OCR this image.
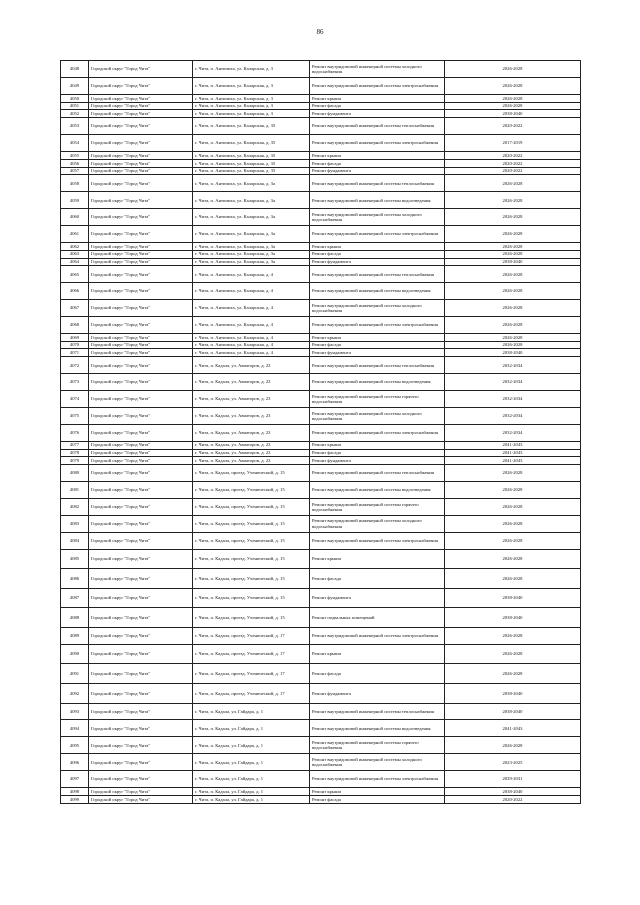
86
4048	Городской округ "Город Чита"	г. Чита, п. Антипиха, ул. Каларская, д. 3	Ремонт внутридомовой инженерной системы холодного водоснабжения	2026-2028
4049	Городской округ "Город Чита"	г. Чита, п. Антипиха, ул. Каларская, д. 3	Ремонт внутридомовой инженерной системы электроснабжения	2026-2028
4050	Городской округ "Город Чита"	г. Чита, п. Антипиха, ул. Каларская, д. 3	Ремонт крыши	2026-2028
4051	Городской округ "Город Чита"	г. Чита, п. Антипиха, ул. Каларская, д. 3	Ремонт фасада	2026-2028
4052	Городской округ "Город Чита"	г. Чита, п. Антипиха, ул. Каларская, д. 3	Ремонт фундамента	2038-2040
4053	Городской округ "Город Чита"	г. Чита, п. Антипиха, ул. Каларская, д. 35	Ремонт внутридомовой инженерной системы теплоснабжения	2020-2022
4054	Городской округ "Город Чита"	г. Чита, п. Антипиха, ул. Каларская, д. 35	Ремонт внутридомовой инженерной системы электроснабжения	2017-2019
4055	Городской округ "Город Чита"	г. Чита, п. Антипиха, ул. Каларская, д. 35	Ремонт крыши	2020-2022
4056	Городской округ "Город Чита"	г. Чита, п. Антипиха, ул. Каларская, д. 35	Ремонт фасада	2020-2022
4057	Городской округ "Город Чита"	г. Чита, п. Антипиха, ул. Каларская, д. 35	Ремонт фундамента	2020-2022
4058	Городской округ "Город Чита"	г. Чита, п. Антипиха, ул. Каларская, д. 3а	Ремонт внутридомовой инженерной системы теплоснабжения	2026-2028
4059	Городской округ "Город Чита"	г. Чита, п. Антипиха, ул. Каларская, д. 3а	Ремонт внутридомовой инженерной системы водоотведения	2026-2028
4060	Городской округ "Город Чита"	г. Чита, п. Антипиха, ул. Каларская, д. 3а	Ремонт внутридомовой инженерной системы холодного водоснабжения	2026-2028
4061	Городской округ "Город Чита"	г. Чита, п. Антипиха, ул. Каларская, д. 3а	Ремонт внутридомовой инженерной системы электроснабжения	2026-2028
4062	Городской округ "Город Чита"	г. Чита, п. Антипиха, ул. Каларская, д. 3а	Ремонт крыши	2026-2028
4063	Городской округ "Город Чита"	г. Чита, п. Антипиха, ул. Каларская, д. 3а	Ремонт фасада	2026-2028
4064	Городской округ "Город Чита"	г. Чита, п. Антипиха, ул. Каларская, д. 3а	Ремонт фундамента	2038-2040
4065	Городской округ "Город Чита"	г. Чита, п. Антипиха, ул. Каларская, д. 4	Ремонт внутридомовой инженерной системы теплоснабжения	2026-2028
4066	Городской округ "Город Чита"	г. Чита, п. Антипиха, ул. Каларская, д. 4	Ремонт внутридомовой инженерной системы водоотведения	2026-2028
4067	Городской округ "Город Чита"	г. Чита, п. Антипиха, ул. Каларская, д. 4	Ремонт внутридомовой инженерной системы холодного водоснабжения	2026-2028
4068	Городской округ "Город Чита"	г. Чита, п. Антипиха, ул. Каларская, д. 4	Ремонт внутридомовой инженерной системы электроснабжения	2026-2028
4069	Городской округ "Город Чита"	г. Чита, п. Антипиха, ул. Каларская, д. 4	Ремонт крыши	2026-2028
4070	Городской округ "Город Чита"	г. Чита, п. Антипиха, ул. Каларская, д. 4	Ремонт фасада	2026-2028
4071	Городской округ "Город Чита"	г. Чита, п. Антипиха, ул. Каларская, д. 4	Ремонт фундамента	2038-2040
4072	Городской округ "Город Чита"	г. Чита, п. Кадала, ул. Авиаторов, д. 23	Ремонт внутридомовой инженерной системы теплоснабжения	2032-2034
4073	Городской округ "Город Чита"	г. Чита, п. Кадала, ул. Авиаторов, д. 23	Ремонт внутридомовой инженерной системы водоотведения	2032-2034
4074	Городской округ "Город Чита"	г. Чита, п. Кадала, ул. Авиаторов, д. 23	Ремонт внутридомовой инженерной системы горячего водоснабжения	2032-2034
4075	Городской округ "Город Чита"	г. Чита, п. Кадала, ул. Авиаторов, д. 23	Ремонт внутридомовой инженерной системы холодного водоснабжения	2032-2034
4076	Городской округ "Город Чита"	г. Чита, п. Кадала, ул. Авиаторов, д. 23	Ремонт внутридомовой инженерной системы электроснабжения	2032-2034
4077	Городской округ "Город Чита"	г. Чита, п. Кадала, ул. Авиаторов, д. 23	Ремонт крыши	2041-2043
4078	Городской округ "Город Чита"	г. Чита, п. Кадала, ул. Авиаторов, д. 23	Ремонт фасада	2041-2043
4079	Городской округ "Город Чита"	г. Чита, п. Кадала, ул. Авиаторов, д. 23	Ремонт фундамента	2041-2043
4080	Городской округ "Город Чита"	г. Чита, п. Кадала, проезд. Ученический, д. 15	Ремонт внутридомовой инженерной системы теплоснабжения	2026-2028
4081	Городской округ "Город Чита"	г. Чита, п. Кадала, проезд. Ученический, д. 15	Ремонт внутридомовой инженерной системы водоотведения	2026-2028
4082	Городской округ "Город Чита"	г. Чита, п. Кадала, проезд. Ученический, д. 15	Ремонт внутридомовой инженерной системы горячего водоснабжения	2026-2028
4083	Городской округ "Город Чита"	г. Чита, п. Кадала, проезд. Ученический, д. 15	Ремонт внутридомовой инженерной системы холодного водоснабжения	2026-2028
4084	Городской округ "Город Чита"	г. Чита, п. Кадала, проезд. Ученический, д. 15	Ремонт внутридомовой инженерной системы электроснабжения	2026-2028
4085	Городской округ "Город Чита"	г. Чита, п. Кадала, проезд. Ученический, д. 15	Ремонт крыши	2026-2028
4086	Городской округ "Город Чита"	г. Чита, п. Кадала, проезд. Ученический, д. 15	Ремонт фасада	2026-2028
4087	Городской округ "Город Чита"	г. Чита, п. Кадала, проезд. Ученический, д. 15	Ремонт фундамента	2038-2040
4088	Городской округ "Город Чита"	г. Чита, п. Кадала, проезд. Ученический, д. 15	Ремонт подвальных помещений	2038-2040
4089	Городской округ "Город Чита"	г. Чита, п. Кадала, проезд. Ученический, д. 17	Ремонт внутридомовой инженерной системы электроснабжения	2026-2028
4090	Городской округ "Город Чита"	г. Чита, п. Кадала, проезд. Ученический, д. 17	Ремонт крыши	2026-2028
4091	Городской округ "Город Чита"	г. Чита, п. Кадала, проезд. Ученический, д. 17	Ремонт фасада	2026-2028
4092	Городской округ "Город Чита"	г. Чита, п. Кадала, проезд. Ученический, д. 17	Ремонт фундамента	2038-2040
4093	Городской округ "Город Чита"	г. Чита, п. Кадала, ул. Гайдара, д. 1	Ремонт внутридомовой инженерной системы теплоснабжения	2038-2040
4094	Городской округ "Город Чита"	г. Чита, п. Кадала, ул. Гайдара, д. 1	Ремонт внутридомовой инженерной системы водоотведения	2041-2043
4095	Городской округ "Город Чита"	г. Чита, п. Кадала, ул. Гайдара, д. 1	Ремонт внутридомовой инженерной системы горячего водоснабжения	2026-2028
4096	Городской округ "Город Чита"	г. Чита, п. Кадала, ул. Гайдара, д. 1	Ремонт внутридомовой инженерной системы холодного водоснабжения	2023-2025
4097	Городской округ "Город Чита"	г. Чита, п. Кадала, ул. Гайдара, д. 1	Ремонт внутридомовой инженерной системы электроснабжения	2029-2031
4098	Городской округ "Город Чита"	г. Чита, п. Кадала, ул. Гайдара, д. 1	Ремонт крыши	2038-2040
4099	Городской округ "Город Чита"	г. Чита, п. Кадала, ул. Гайдара, д. 1	Ремонт фасада	2020-2022
